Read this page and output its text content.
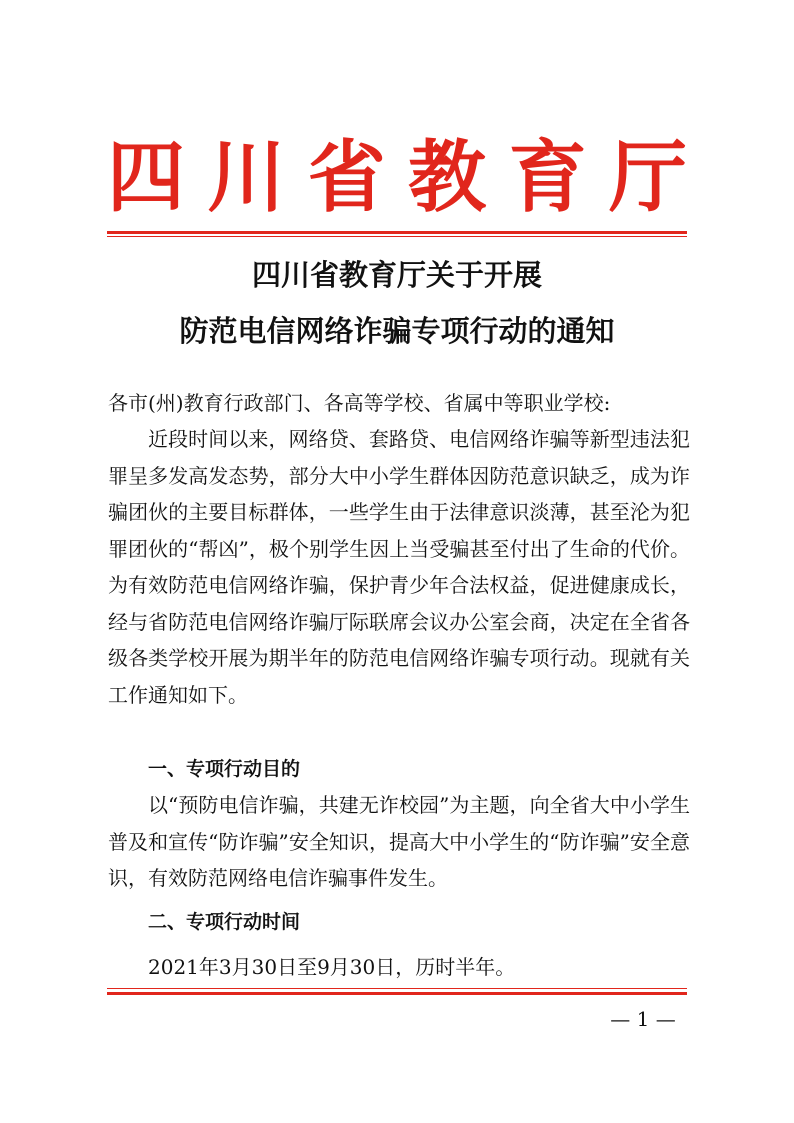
四 川 省 教 育 厅
四川省教育厅关于开展
防范电信网络诈骗专项行动的通知
各市(州)教育行政部门、各高等学校、省属中等职业学校:
近段时间以来，网络贷、套路贷、电信网络诈骗等新型违法犯罪呈多发高发态势，部分大中小学生群体因防范意识缺乏，成为诈骗团伙的主要目标群体，一些学生由于法律意识淡薄，甚至沦为犯罪团伙的“帮凶”，极个别学生因上当受骗甚至付出了生命的代价。为有效防范电信网络诈骗，保护青少年合法权益，促进健康成长，经与省防范电信网络诈骗厅际联席会议办公室会商，决定在全省各级各类学校开展为期半年的防范电信网络诈骗专项行动。现就有关工作通知如下。
一、专项行动目的
以“预防电信诈骗，共建无诈校园”为主题，向全省大中小学生普及和宣传“防诈骗”安全知识，提高大中小学生的“防诈骗”安全意识，有效防范网络电信诈骗事件发生。
二、专项行动时间
2021年3月30日至9月30日，历时半年。
— 1 —
